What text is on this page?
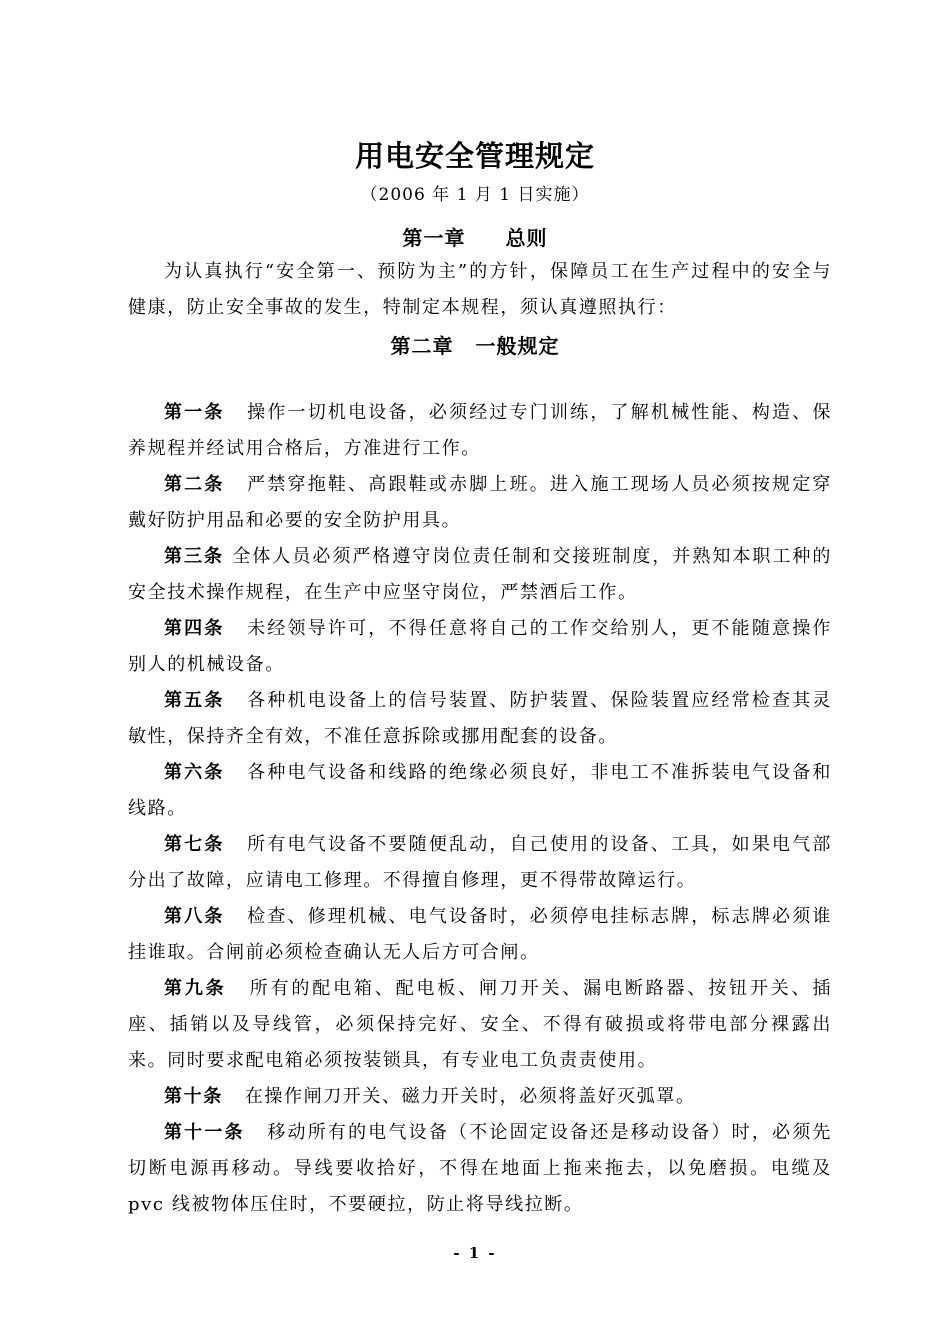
用电安全管理规定
（2006 年 1 月 1 日实施）
第一章 总则

为认真执行“安全第一、预防为主”的方针，保障员工在生产过程中的安全与健康，防止安全事故的发生，特制定本规程，须认真遵照执行：

第二章 一般规定

第一条 操作一切机电设备，必须经过专门训练，了解机械性能、构造、保养规程并经试用合格后，方准进行工作。

第二条 严禁穿拖鞋、高跟鞋或赤脚上班。进入施工现场人员必须按规定穿戴好防护用品和必要的安全防护用具。

第三条 全体人员必须严格遵守岗位责任制和交接班制度，并熟知本职工种的安全技术操作规程，在生产中应坚守岗位，严禁酒后工作。

第四条 未经领导许可，不得任意将自己的工作交给别人，更不能随意操作别人的机械设备。

第五条 各种机电设备上的信号装置、防护装置、保险装置应经常检查其灵敏性，保持齐全有效，不准任意拆除或挪用配套的设备。

第六条 各种电气设备和线路的绝缘必须良好，非电工不准拆装电气设备和线路。

第七条 所有电气设备不要随便乱动，自己使用的设备、工具，如果电气部分出了故障，应请电工修理。不得擅自修理，更不得带故障运行。

第八条 检查、修理机械、电气设备时，必须停电挂标志牌，标志牌必须谁挂谁取。合闸前必须检查确认无人后方可合闸。

第九条 所有的配电箱、配电板、闸刀开关、漏电断路器、按钮开关、插座、插销以及导线管，必须保持完好、安全、不得有破损或将带电部分裸露出来。同时要求配电箱必须按装锁具，有专业电工负责责使用。

第十条 在操作闸刀开关、磁力开关时，必须将盖好灭弧罩。

第十一条 移动所有的电气设备（不论固定设备还是移动设备）时，必须先切断电源再移动。导线要收拾好，不得在地面上拖来拖去，以免磨损。电缆及 pvc 线被物体压住时，不要硬拉，防止将导线拉断。

- 1 -
